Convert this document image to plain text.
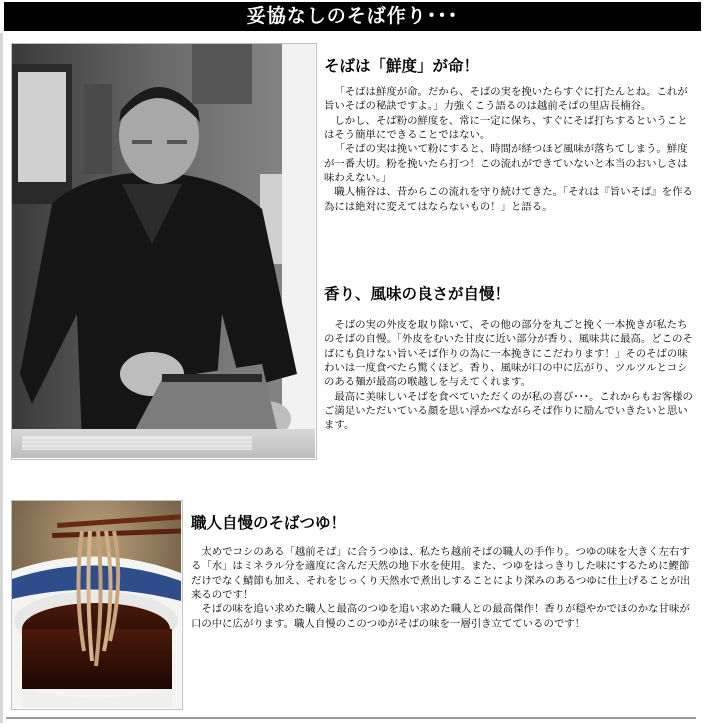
妥協なしのそば作り･･･
そばは「鮮度」が命！

「そばは鮮度が命。だから、そばの実を挽いたらすぐに打たんとね。これが旨いそばの秘訣ですよ。」力強くこう語るのは越前そばの里店長楠谷。

しかし、そば粉の鮮度を、常に一定に保ち、すぐにそば打ちするということはそう簡単にできることではない。

「そばの実は挽いて粉にすると、時間が経つほど風味が落ちてしまう。鮮度が一番大切。粉を挽いたら打つ！この流れができていないと本当のおいしさは味わえない。」

職人楠谷は、昔からこの流れを守り続けてきた。「それは『旨いそば』を作る為には絶対に変えてはならないもの！」と語る。

香り、風味の良さが自慢！

そばの実の外皮を取り除いて、その他の部分を丸ごと挽く一本挽きが私たちのそばの自慢。「外皮をむいた甘皮に近い部分が香り、風味共に最高。どこのそばにも負けない旨いそば作りの為に一本挽きにこだわります！」そのそばの味わいは一度食べたら驚くほど。香り、風味が口の中に広がり、ツルツルとコシのある麺が最高の喉越しを与えてくれます。

最高に美味しいそばを食べていただくのが私の喜び･･･。これからもお客様のご満足いただいている顔を思い浮かべながらそば作りに励んでいきたいと思います。

職人自慢のそばつゆ！

太めでコシのある「越前そば」に合うつゆは、私たち越前そばの職人の手作り。つゆの味を大きく左右する「水」はミネラル分を適度に含んだ天然の地下水を使用。また、つゆをはっきりした味にするために鰹節だけでなく鯖節も加え、それをじっくり天然水で煮出しすることにより深みのあるつゆに仕上げることが出来るのです！

そばの味を追い求めた職人と最高のつゆを追い求めた職人との最高傑作！香りが穏やかでほのかな甘味が口の中に広がります。職人自慢のこのつゆがそばの味を一層引き立てているのです！
